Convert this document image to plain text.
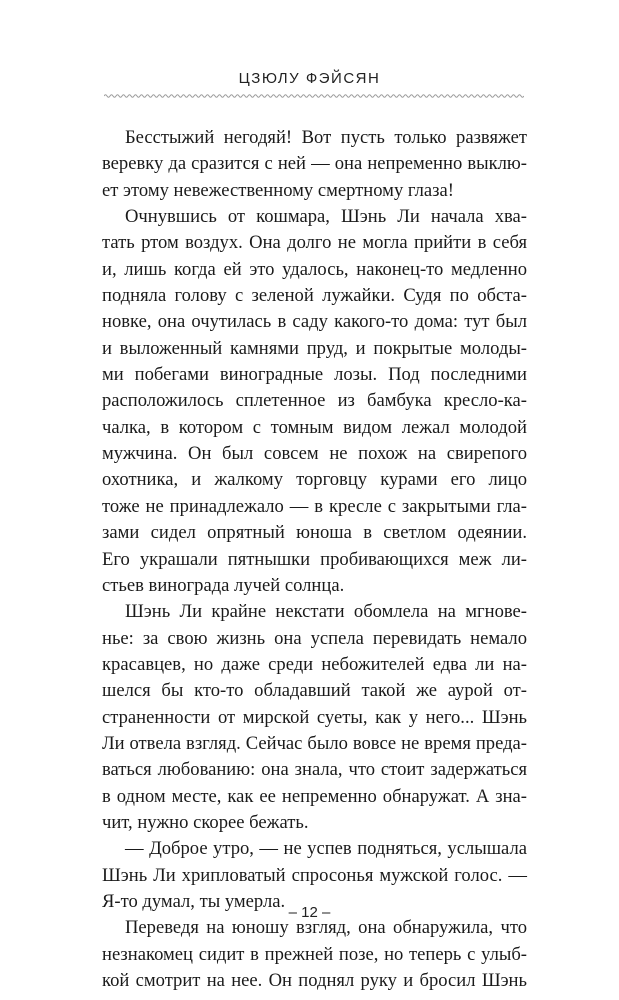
ЦЗЮЛУ ФЭЙСЯН
Бесстыжий негодяй! Вот пусть только развяжет
веревку да сразится с ней — она непременно выклю-
ет этому невежественному смертному глаза!
Очнувшись от кошмара, Шэнь Ли начала хва-
тать ртом воздух. Она долго не могла прийти в себя
и, лишь когда ей это удалось, наконец-то медленно
подняла голову с зеленой лужайки. Судя по обста-
новке, она очутилась в саду какого-то дома: тут был
и выложенный камнями пруд, и покрытые молоды-
ми побегами виноградные лозы. Под последними
расположилось сплетенное из бамбука кресло-ка-
чалка, в котором с томным видом лежал молодой
мужчина. Он был совсем не похож на свирепого
охотника, и жалкому торговцу курами его лицо
тоже не принадлежало — в кресле с закрытыми гла-
зами сидел опрятный юноша в светлом одеянии.
Его украшали пятнышки пробивающихся меж ли-
стьев винограда лучей солнца.
Шэнь Ли крайне некстати обомлела на мгнове-
нье: за свою жизнь она успела перевидать немало
красавцев, но даже среди небожителей едва ли на-
шелся бы кто-то обладавший такой же аурой от-
страненности от мирской суеты, как у него... Шэнь
Ли отвела взгляд. Сейчас было вовсе не время преда-
ваться любованию: она знала, что стоит задержаться
в одном месте, как ее непременно обнаружат. А зна-
чит, нужно скорее бежать.
— Доброе утро, — не успев подняться, услышала
Шэнь Ли хрипловатый спросонья мужской голос. —
Я-то думал, ты умерла.
Переведя на юношу взгляд, она обнаружила, что
незнакомец сидит в прежней позе, но теперь с улыб-
кой смотрит на нее. Он поднял руку и бросил Шэнь
– 12 –
